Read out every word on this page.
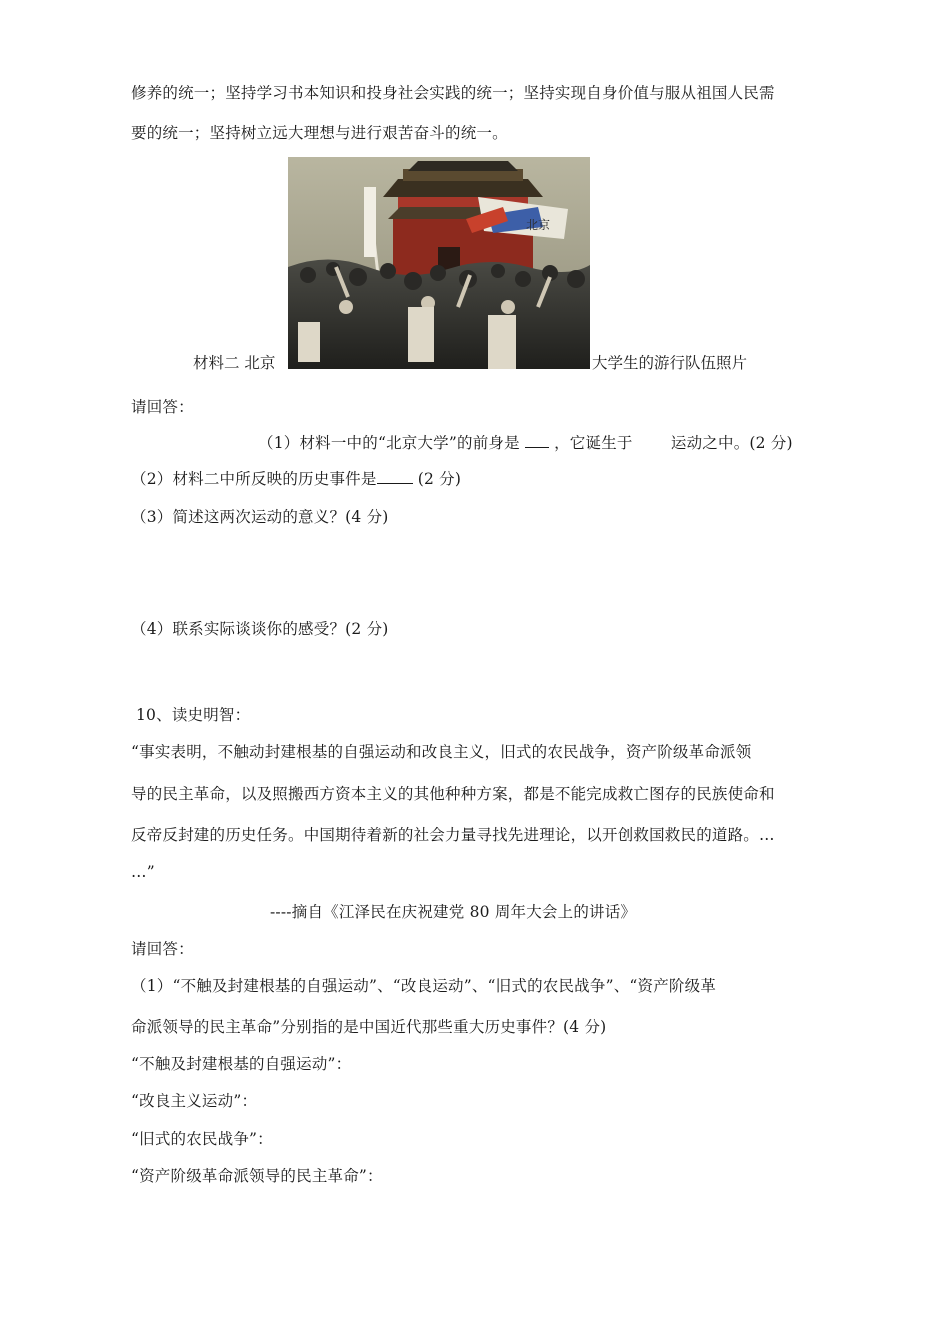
修养的统一；坚持学习书本知识和投身社会实践的统一；坚持实现自身价值与服从祖国人民需
要的统一；坚持树立远大理想与进行艰苦奋斗的统一。
北京
材料二 北京	大学生的游行队伍照片
请回答：
（1）材料一中的“北京大学”的前身是 ，它诞生于 运动之中。(2 分)
（2）材料二中所反映的历史事件是	(2 分)
（3）简述这两次运动的意义？(4 分)
（4）联系实际谈谈你的感受？(2 分)
10、读史明智：
“事实表明，不触动封建根基的自强运动和改良主义，旧式的农民战争，资产阶级革命派领
导的民主革命，以及照搬西方资本主义的其他种种方案，都是不能完成救亡图存的民族使命和
反帝反封建的历史任务。中国期待着新的社会力量寻找先进理论，以开创救国救民的道路。…
…”
----摘自《江泽民在庆祝建党 80 周年大会上的讲话》
请回答：
（1）“不触及封建根基的自强运动”、“改良运动”、“旧式的农民战争”、“资产阶级革
命派领导的民主革命”分别指的是中国近代那些重大历史事件？(4 分)
“不触及封建根基的自强运动”：
“改良主义运动”：
“旧式的农民战争”：
“资产阶级革命派领导的民主革命”：
